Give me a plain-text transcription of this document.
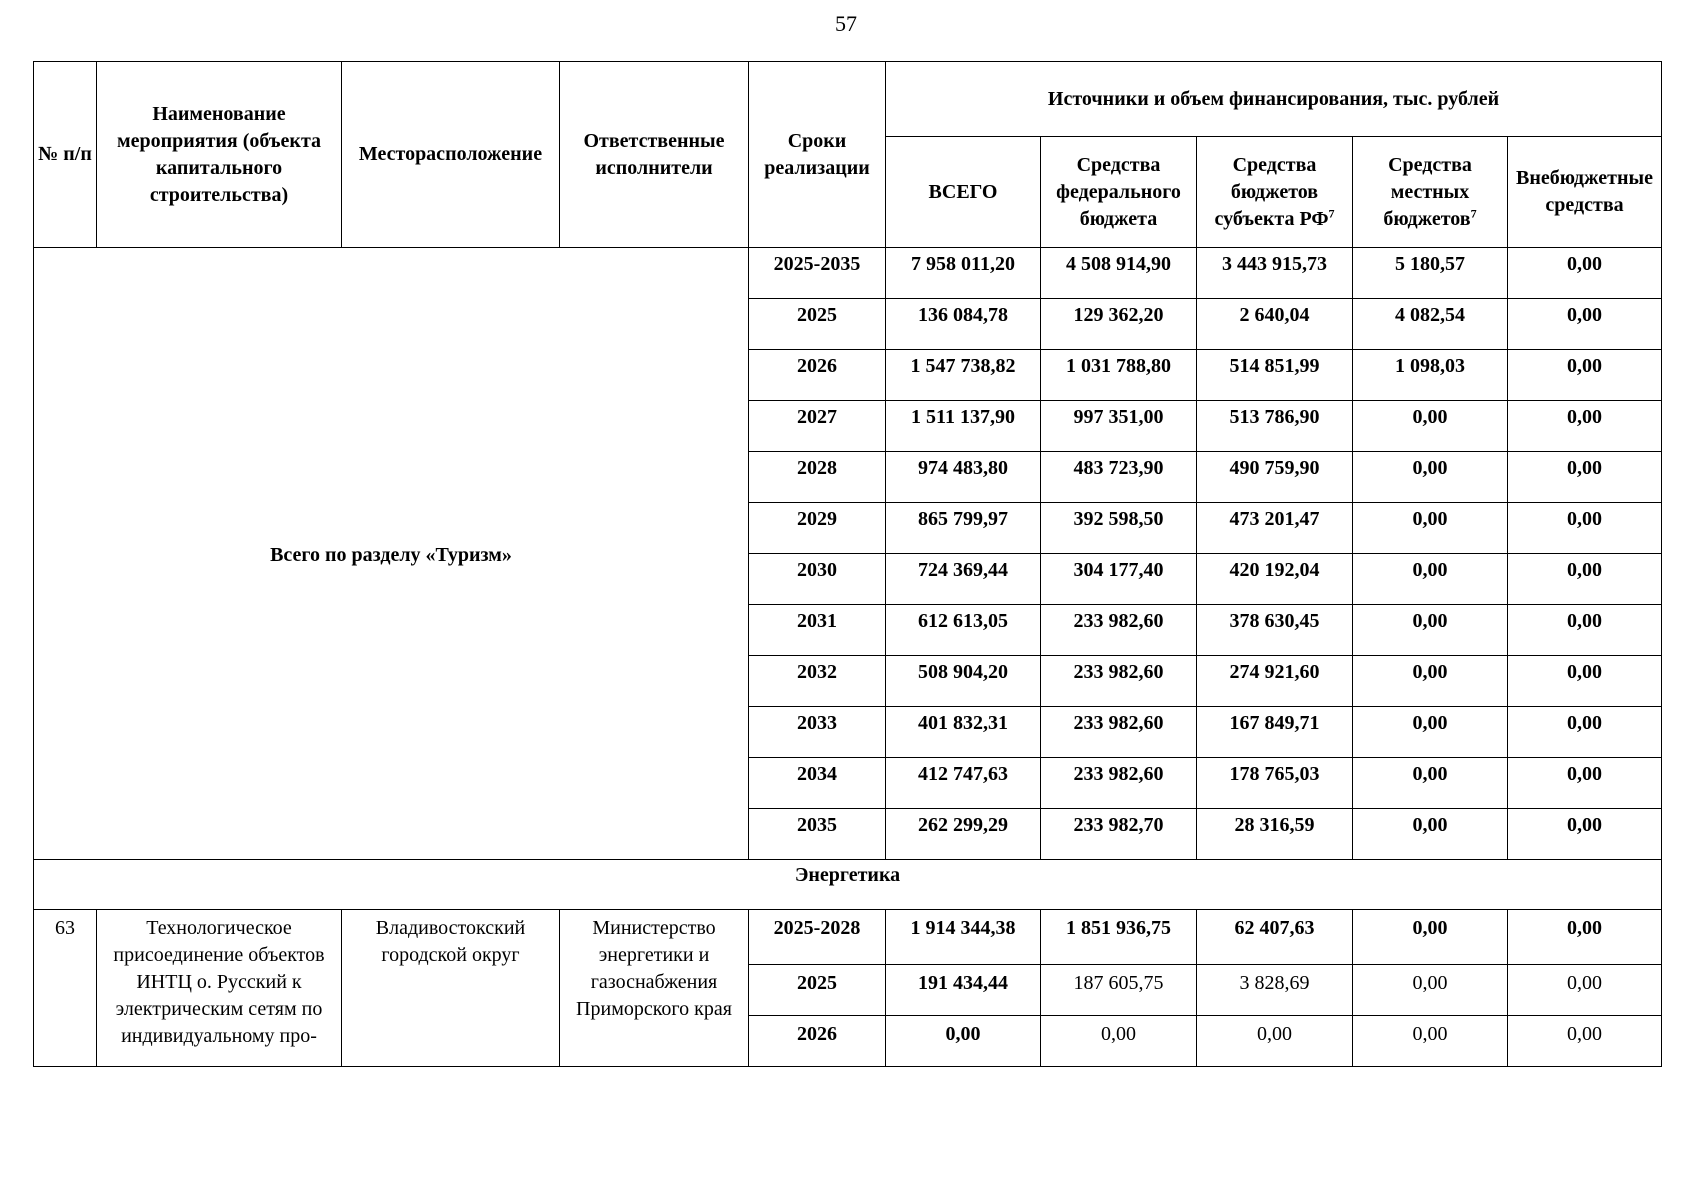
57
№ п/п	Наименование мероприятия (объекта капитального строительства)	Месторасположение	Ответственные исполнители	Сроки реализации	Источники и объем финансирования, тыс. рублей				
					ВСЕГО	Средства федерального бюджета	Средства бюджетов субъекта $РФ^7$	Средства местных бюджетов$^7$	Внебюджетные средства
Всего по разделу «Туризм»				2025-2035	7 958 011,20	4 508 914,90	3 443 915,73	5 180,57	0,00
				2025	136 084,78	129 362,20	2 640,04	4 082,54	0,00
				2026	1 547 738,82	1 031 788,80	514 851,99	1 098,03	0,00
				2027	1 511 137,90	997 351,00	513 786,90	0,00	0,00
				2028	974 483,80	483 723,90	490 759,90	0,00	0,00
				2029	865 799,97	392 598,50	473 201,47	0,00	0,00
				2030	724 369,44	304 177,40	420 192,04	0,00	0,00
				2031	612 613,05	233 982,60	378 630,45	0,00	0,00
				2032	508 904,20	233 982,60	274 921,60	0,00	0,00
				2033	401 832,31	233 982,60	167 849,71	0,00	0,00
				2034	412 747,63	233 982,60	178 765,03	0,00	0,00
				2035	262 299,29	233 982,70	28 316,59	0,00	0,00
Энергетика									
63	Технологическое присоединение объектов ИНТЦ о. Русский к электрическим сетям по индивидуальному про-	Владивостокский городской округ	Министерство энергетики и газоснабжения Приморского края	2025-2028	1 914 344,38	1 851 936,75	62 407,63	0,00	0,00
				2025	191 434,44	187 605,75	3 828,69	0,00	0,00
				2026	0,00	0,00	0,00	0,00	0,00
